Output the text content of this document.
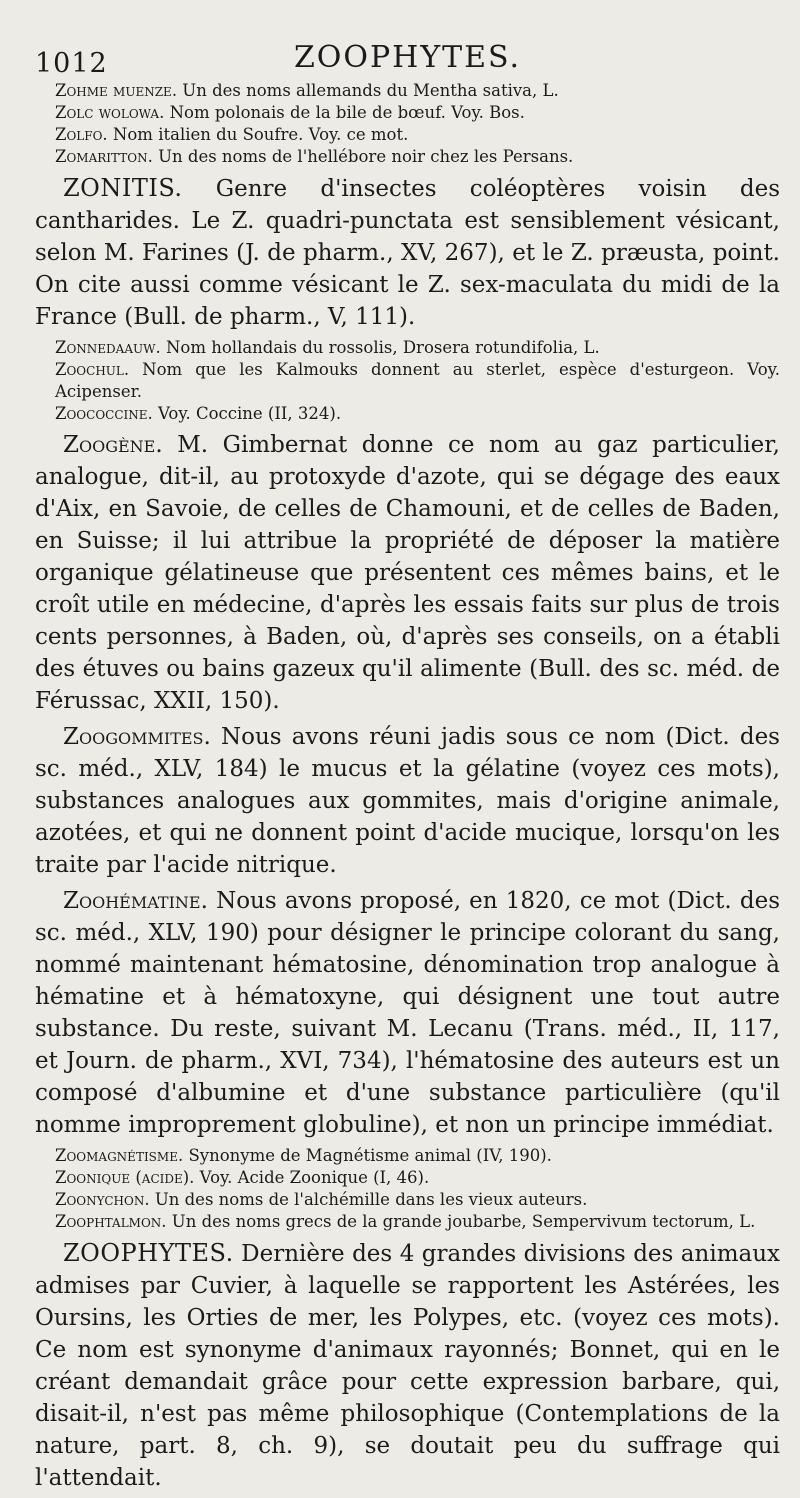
1012	ZOOPHYTES.

Zohme muenze. Un des noms allemands du Mentha sativa, L.

Zolc wolowa. Nom polonais de la bile de bœuf. Voy. Bos.

Zolfo. Nom italien du Soufre. Voy. ce mot.

Zomaritton. Un des noms de l'hellébore noir chez les Persans.

ZONITIS. Genre d'insectes coléoptères voisin des cantharides. Le Z. quadri-punctata est sensiblement vésicant, selon M. Farines (J. de pharm., XV, 267), et le Z. præusta, point. On cite aussi comme vésicant le Z. sex-maculata du midi de la France (Bull. de pharm., V, 111).

Zonnedaauw. Nom hollandais du rossolis, Drosera rotundifolia, L.

Zoochul. Nom que les Kalmouks donnent au sterlet, espèce d'esturgeon. Voy. Acipenser.

Zoococcine. Voy. Coccine (II, 324).

Zoogène. M. Gimbernat donne ce nom au gaz particulier, analogue, dit-il, au protoxyde d'azote, qui se dégage des eaux d'Aix, en Savoie, de celles de Chamouni, et de celles de Baden, en Suisse; il lui attribue la propriété de déposer la matière organique gélatineuse que présentent ces mêmes bains, et le croît utile en médecine, d'après les essais faits sur plus de trois cents personnes, à Baden, où, d'après ses conseils, on a établi des étuves ou bains gazeux qu'il alimente (Bull. des sc. méd. de Férussac, XXII, 150).

Zoogommites. Nous avons réuni jadis sous ce nom (Dict. des sc. méd., XLV, 184) le mucus et la gélatine (voyez ces mots), substances analogues aux gommites, mais d'origine animale, azotées, et qui ne donnent point d'acide mucique, lorsqu'on les traite par l'acide nitrique.

Zoohématine. Nous avons proposé, en 1820, ce mot (Dict. des sc. méd., XLV, 190) pour désigner le principe colorant du sang, nommé maintenant hématosine, dénomination trop analogue à hématine et à hématoxyne, qui désignent une tout autre substance. Du reste, suivant M. Lecanu (Trans. méd., II, 117, et Journ. de pharm., XVI, 734), l'hématosine des auteurs est un composé d'albumine et d'une substance particulière (qu'il nomme improprement globuline), et non un principe immédiat.

Zoomagnétisme. Synonyme de Magnétisme animal (IV, 190).

Zoonique (acide). Voy. Acide Zoonique (I, 46).

Zoonychon. Un des noms de l'alchémille dans les vieux auteurs.

Zoophtalmon. Un des noms grecs de la grande joubarbe, Sempervivum tectorum, L.

ZOOPHYTES. Dernière des 4 grandes divisions des animaux admises par Cuvier, à laquelle se rapportent les Astérées, les Oursins, les Orties de mer, les Polypes, etc. (voyez ces mots). Ce nom est synonyme d'animaux rayonnés; Bonnet, qui en le créant demandait grâce pour cette expression barbare, qui, disait-il, n'est pas même philosophique (Contemplations de la nature, part. 8, ch. 9), se doutait peu du suffrage qui l'attendait.
